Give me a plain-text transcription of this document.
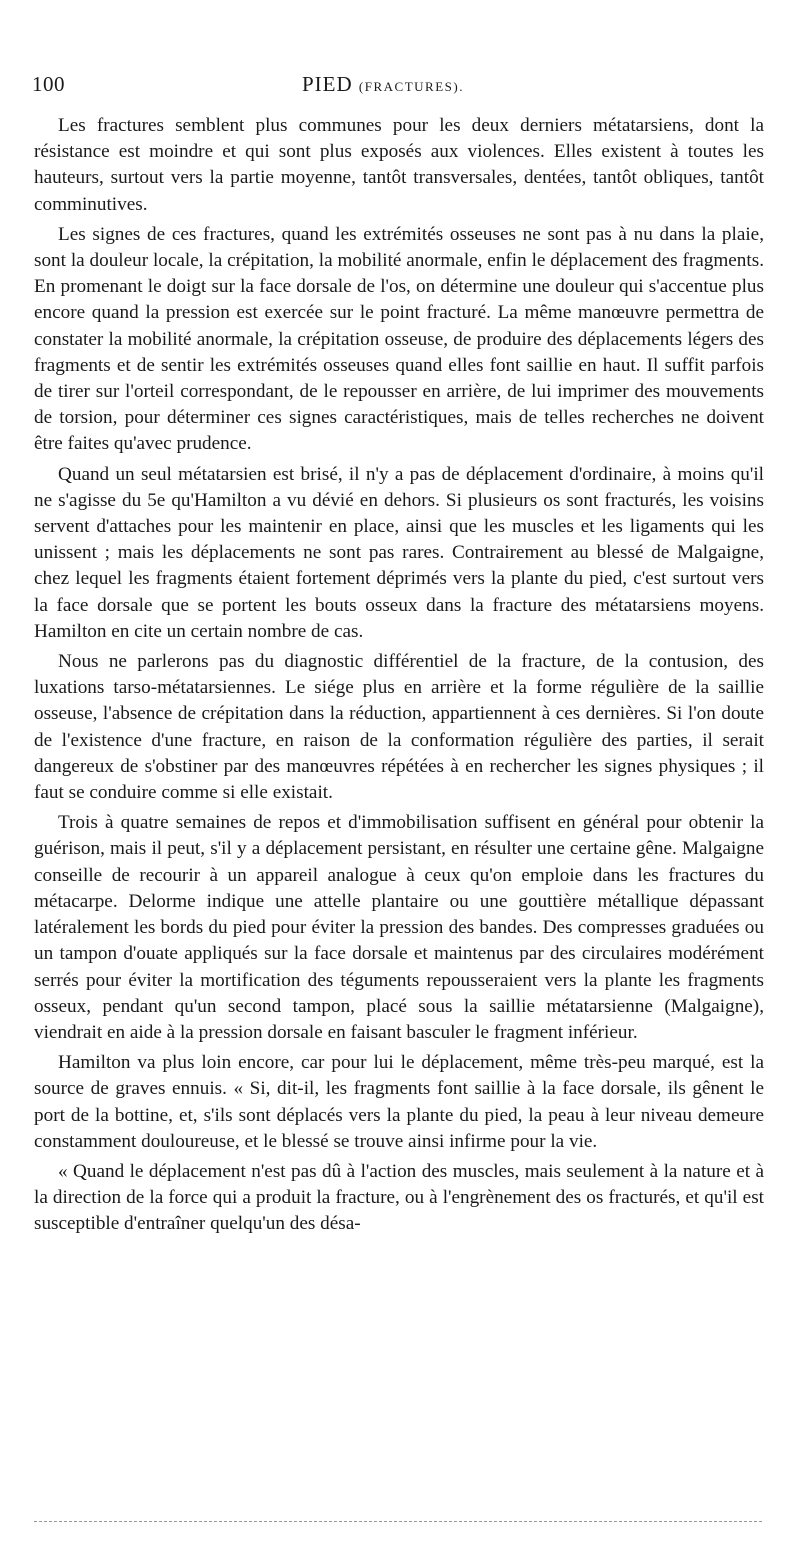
100	PIED (FRACTURES).

Les fractures semblent plus communes pour les deux derniers métatarsiens, dont la résistance est moindre et qui sont plus exposés aux violences. Elles existent à toutes les hauteurs, surtout vers la partie moyenne, tantôt transversales, dentées, tantôt obliques, tantôt comminutives.

Les signes de ces fractures, quand les extrémités osseuses ne sont pas à nu dans la plaie, sont la douleur locale, la crépitation, la mobilité anormale, enfin le déplacement des fragments. En promenant le doigt sur la face dorsale de l'os, on détermine une douleur qui s'accentue plus encore quand la pression est exercée sur le point fracturé. La même manœuvre permettra de constater la mobilité anormale, la crépitation osseuse, de produire des déplacements légers des fragments et de sentir les extrémités osseuses quand elles font saillie en haut. Il suffit parfois de tirer sur l'orteil correspondant, de le repousser en arrière, de lui imprimer des mouvements de torsion, pour déterminer ces signes caractéristiques, mais de telles recherches ne doivent être faites qu'avec prudence.

Quand un seul métatarsien est brisé, il n'y a pas de déplacement d'ordinaire, à moins qu'il ne s'agisse du 5e qu'Hamilton a vu dévié en dehors. Si plusieurs os sont fracturés, les voisins servent d'attaches pour les maintenir en place, ainsi que les muscles et les ligaments qui les unissent ; mais les déplacements ne sont pas rares. Contrairement au blessé de Malgaigne, chez lequel les fragments étaient fortement déprimés vers la plante du pied, c'est surtout vers la face dorsale que se portent les bouts osseux dans la fracture des métatarsiens moyens. Hamilton en cite un certain nombre de cas.

Nous ne parlerons pas du diagnostic différentiel de la fracture, de la contusion, des luxations tarso-métatarsiennes. Le siége plus en arrière et la forme régulière de la saillie osseuse, l'absence de crépitation dans la réduction, appartiennent à ces dernières. Si l'on doute de l'existence d'une fracture, en raison de la conformation régulière des parties, il serait dangereux de s'obstiner par des manœuvres répétées à en rechercher les signes physiques ; il faut se conduire comme si elle existait.

Trois à quatre semaines de repos et d'immobilisation suffisent en général pour obtenir la guérison, mais il peut, s'il y a déplacement persistant, en résulter une certaine gêne. Malgaigne conseille de recourir à un appareil analogue à ceux qu'on emploie dans les fractures du métacarpe. Delorme indique une attelle plantaire ou une gouttière métallique dépassant latéralement les bords du pied pour éviter la pression des bandes. Des compresses graduées ou un tampon d'ouate appliqués sur la face dorsale et maintenus par des circulaires modérément serrés pour éviter la mortification des téguments repousseraient vers la plante les fragments osseux, pendant qu'un second tampon, placé sous la saillie métatarsienne (Malgaigne), viendrait en aide à la pression dorsale en faisant basculer le fragment inférieur.

Hamilton va plus loin encore, car pour lui le déplacement, même très-peu marqué, est la source de graves ennuis. « Si, dit-il, les fragments font saillie à la face dorsale, ils gênent le port de la bottine, et, s'ils sont déplacés vers la plante du pied, la peau à leur niveau demeure constamment douloureuse, et le blessé se trouve ainsi infirme pour la vie.

« Quand le déplacement n'est pas dû à l'action des muscles, mais seulement à la nature et à la direction de la force qui a produit la fracture, ou à l'engrènement des os fracturés, et qu'il est susceptible d'entraîner quelqu'un des désa-
